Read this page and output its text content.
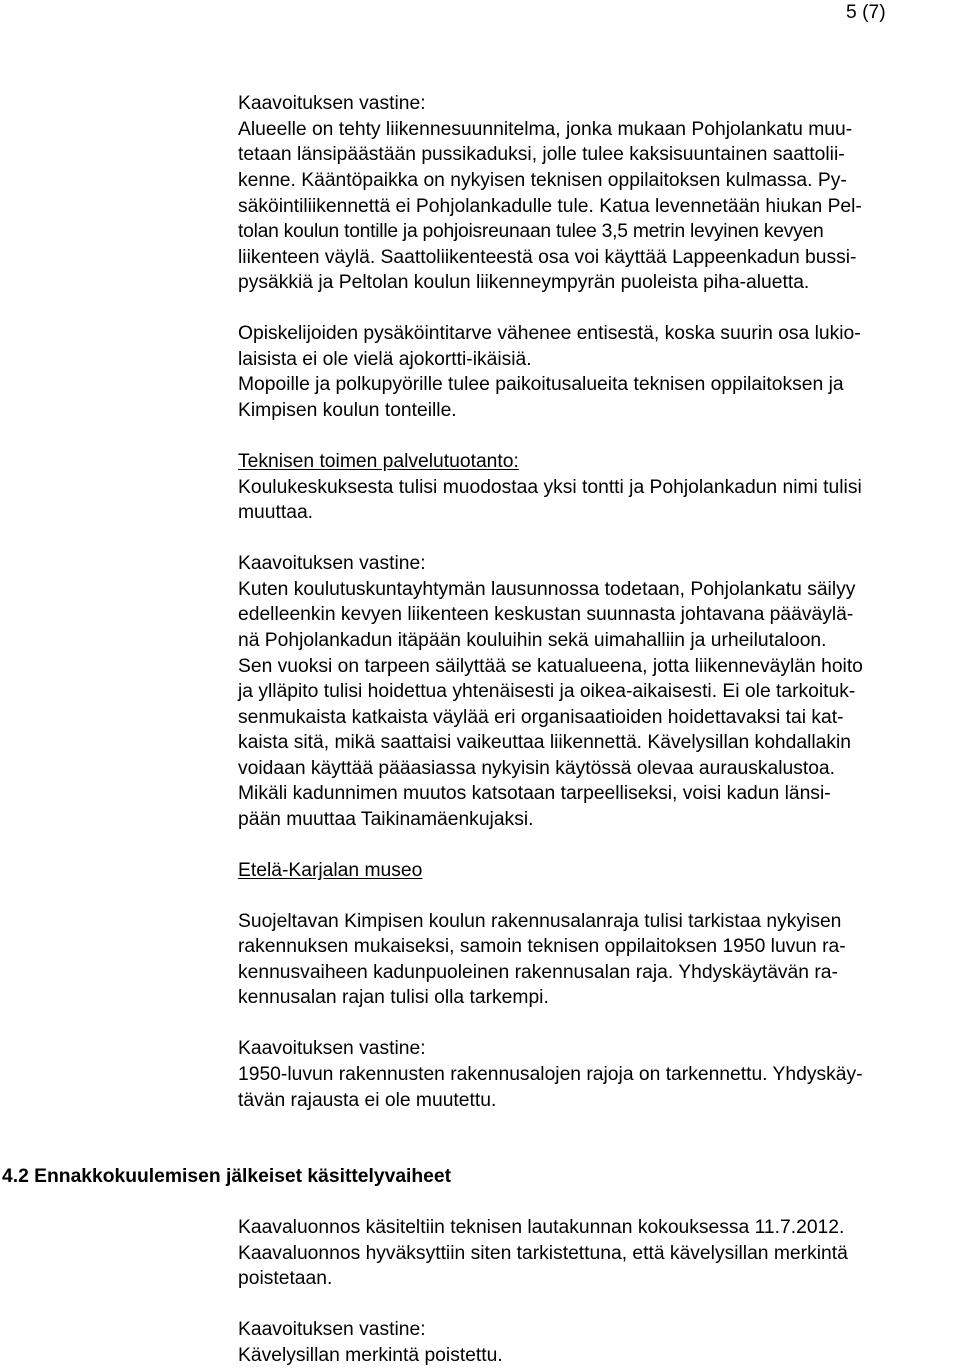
5 (7)
Kaavoituksen vastine:
Alueelle on tehty liikennesuunnitelma, jonka mukaan Pohjolankatu muu-
tetaan länsipäästään pussikaduksi, jolle tulee kaksisuuntainen saattolii-
kenne. Kääntöpaikka on nykyisen teknisen oppilaitoksen kulmassa. Py-
säköintiliikennettä ei Pohjolankadulle tule. Katua levennetään hiukan Pel-
tolan koulun tontille ja pohjoisreunaan tulee 3,5 metrin levyinen kevyen
liikenteen väylä. Saattoliikenteestä osa voi käyttää Lappeenkadun bussi-
pysäkkiä ja Peltolan koulun liikenneympyrän puoleista piha-aluetta.
Opiskelijoiden pysäköintitarve vähenee entisestä, koska suurin osa lukio-
laisista ei ole vielä ajokortti-ikäisiä.
Mopoille ja polkupyörille tulee paikoitusalueita teknisen oppilaitoksen ja
Kimpisen koulun tonteille.
Teknisen toimen palvelutuotanto:
Koulukeskuksesta tulisi muodostaa yksi tontti ja Pohjolankadun nimi tulisi
muuttaa.
Kaavoituksen vastine:
Kuten koulutuskuntayhtymän lausunnossa todetaan, Pohjolankatu säilyy
edelleenkin kevyen liikenteen keskustan suunnasta johtavana pääväylä-
nä Pohjolankadun itäpään kouluihin sekä uimahalliin ja urheilutaloon.
Sen vuoksi on tarpeen säilyttää se katualueena, jotta liikenneväylän hoito
ja ylläpito tulisi hoidettua yhtenäisesti ja oikea-aikaisesti. Ei ole tarkoituk-
senmukaista katkaista väylää eri organisaatioiden hoidettavaksi tai kat-
kaista sitä, mikä saattaisi vaikeuttaa liikennettä. Kävelysillan kohdallakin
voidaan käyttää pääasiassa nykyisin käytössä olevaa aurauskalustoa.
Mikäli kadunnimen muutos katsotaan tarpeelliseksi, voisi kadun länsi-
pään muuttaa Taikinamäenkujaksi.
Etelä-Karjalan museo
Suojeltavan Kimpisen koulun rakennusalanraja tulisi tarkistaa nykyisen
rakennuksen mukaiseksi, samoin teknisen oppilaitoksen 1950 luvun ra-
kennusvaiheen kadunpuoleinen rakennusalan raja. Yhdyskäytävän ra-
kennusalan rajan tulisi olla tarkempi.
Kaavoituksen vastine:
1950-luvun rakennusten rakennusalojen rajoja on tarkennettu. Yhdyskäy-
tävän rajausta ei ole muutettu.
4.2 Ennakkokuulemisen jälkeiset käsittelyvaiheet
Kaavaluonnos käsiteltiin teknisen lautakunnan kokouksessa 11.7.2012.
Kaavaluonnos hyväksyttiin siten tarkistettuna, että kävelysillan merkintä
poistetaan.
Kaavoituksen vastine:
Kävelysillan merkintä poistettu.
